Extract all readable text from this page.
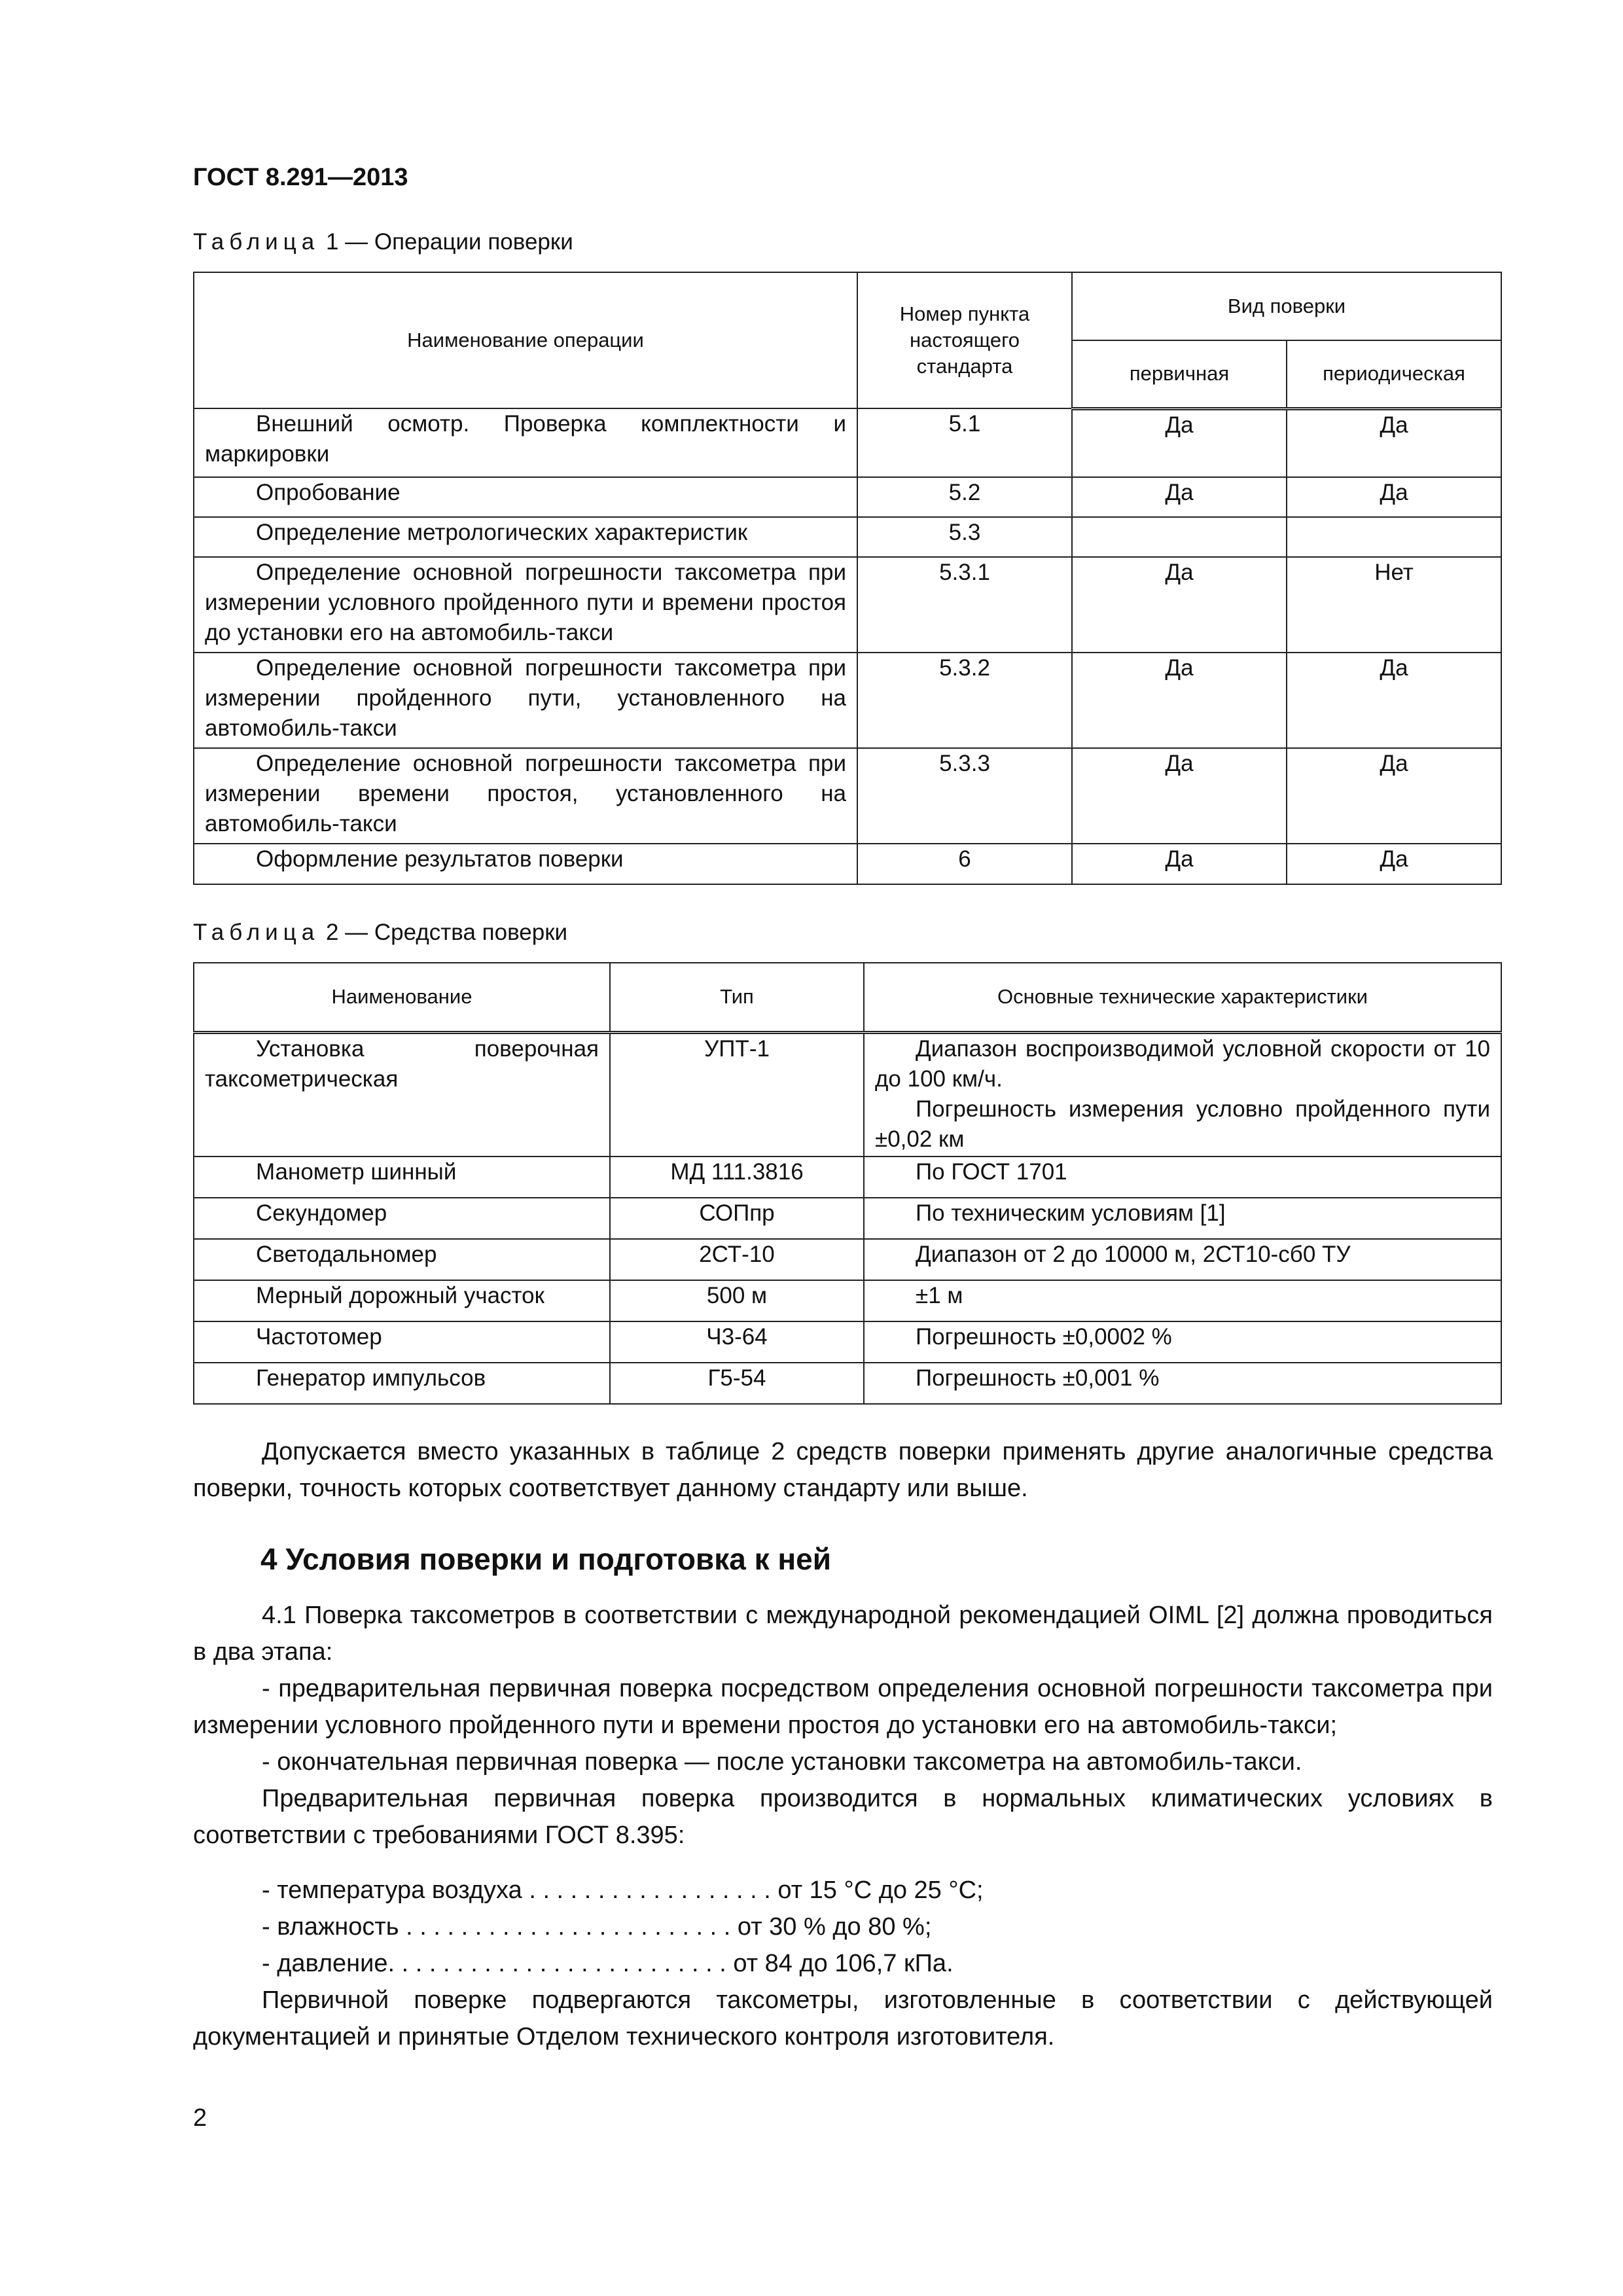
ГОСТ 8.291—2013
Таблица 1 — Операции поверки
Наименование операции	Номер пункта настоящего стандарта	Вид поверки	
		первичная	периодическая
Внешний осмотр. Проверка комплектности и маркировки	5.1	Да	Да
Опробование	5.2	Да	Да
Определение метрологических характеристик	5.3		
Определение основной погрешности таксометра при измерении условного пройденного пути и времени простоя до установки его на автомобиль-такси	5.3.1	Да	Нет
Определение основной погрешности таксометра при измерении пройденного пути, установленного на автомобиль-такси	5.3.2	Да	Да
Определение основной погрешности таксометра при измерении времени простоя, установленного на автомобиль-такси	5.3.3	Да	Да
Оформление результатов поверки	6	Да	Да
Таблица 2 — Средства поверки
Наименование	Тип	Основные технические характеристики
Установка поверочная таксометрическая	УПТ-1	Диапазон воспроизводимой условной скорости от 10 до 100 км/ч.
Погрешность измерения условно пройденного пути ±0,02 км

Манометр шинный	МД 111.3816	По ГОСТ 1701
Секундомер	СОПпр	По техническим условиям [1]
Светодальномер	2СТ-10	Диапазон от 2 до 10000 м, 2СТ10-сб0 ТУ
Мерный дорожный участок	500 м	±1 м
Частотомер	Ч3-64	Погрешность ±0,0002 %
Генератор импульсов	Г5-54	Погрешность ±0,001 %
Допускается вместо указанных в таблице 2 средств поверки применять другие аналогичные средства поверки, точность которых соответствует данному стандарту или выше.
4 Условия поверки и подготовка к ней
4.1 Поверка таксометров в соответствии с международной рекомендацией OIML [2] должна проводиться в два этапа:
- предварительная первичная поверка посредством определения основной погрешности таксометра при измерении условного пройденного пути и времени простоя до установки его на автомобиль-такси;
- окончательная первичная поверка — после установки таксометра на автомобиль-такси.
Предварительная первичная поверка производится в нормальных климатических условиях в соответствии с требованиями ГОСТ 8.395:
- температура воздуха . . . . . . . . . . . . . . . . . . от 15 °С до 25 °С;
- влажность . . . . . . . . . . . . . . . . . . . . . . . . от 30 % до 80 %;
- давление. . . . . . . . . . . . . . . . . . . . . . . . . от 84 до 106,7 кПа.
Первичной поверке подвергаются таксометры, изготовленные в соответствии с действующей документацией и принятые Отделом технического контроля изготовителя.
2
